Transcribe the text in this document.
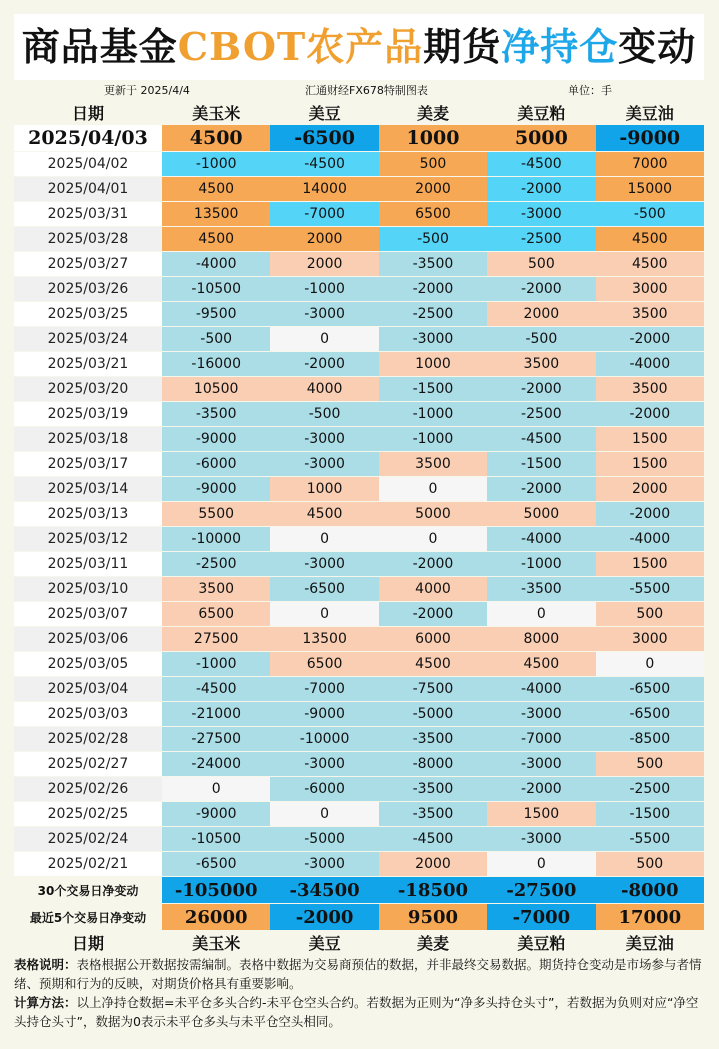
商品基金CBOT农产品期货净持仓变动
更新于 2025/4/4	汇通财经FX678特制图表	单位：手
日期	美玉米	美豆	美麦	美豆粕	美豆油
2025/04/03	4500	-6500	1000	5000	-9000
2025/04/02	-1000	-4500	500	-4500	7000
2025/04/01	4500	14000	2000	-2000	15000
2025/03/31	13500	-7000	6500	-3000	-500
2025/03/28	4500	2000	-500	-2500	4500
2025/03/27	-4000	2000	-3500	500	4500
2025/03/26	-10500	-1000	-2000	-2000	3000
2025/03/25	-9500	-3000	-2500	2000	3500
2025/03/24	-500	0	-3000	-500	-2000
2025/03/21	-16000	-2000	1000	3500	-4000
2025/03/20	10500	4000	-1500	-2000	3500
2025/03/19	-3500	-500	-1000	-2500	-2000
2025/03/18	-9000	-3000	-1000	-4500	1500
2025/03/17	-6000	-3000	3500	-1500	1500
2025/03/14	-9000	1000	0	-2000	2000
2025/03/13	5500	4500	5000	5000	-2000
2025/03/12	-10000	0	0	-4000	-4000
2025/03/11	-2500	-3000	-2000	-1000	1500
2025/03/10	3500	-6500	4000	-3500	-5500
2025/03/07	6500	0	-2000	0	500
2025/03/06	27500	13500	6000	8000	3000
2025/03/05	-1000	6500	4500	4500	0
2025/03/04	-4500	-7000	-7500	-4000	-6500
2025/03/03	-21000	-9000	-5000	-3000	-6500
2025/02/28	-27500	-10000	-3500	-7000	-8500
2025/02/27	-24000	-3000	-8000	-3000	500
2025/02/26	0	-6000	-3500	-2000	-2500
2025/02/25	-9000	0	-3500	1500	-1500
2025/02/24	-10500	-5000	-4500	-3000	-5500
2025/02/21	-6500	-3000	2000	0	500
30个交易日净变动	-105000	-34500	-18500	-27500	-8000
最近5个交易日净变动	26000	-2000	9500	-7000	17000
日期	美玉米	美豆	美麦	美豆粕	美豆油
表格说明：表格根据公开数据按需编制。表格中数据为交易商预估的数据，并非最终交易数据。期货持仓变动是市场参与者情绪、预期和行为的反映，对期货价格具有重要影响。
计算方法：以上净持仓数据=未平仓多头合约-未平仓空头合约。若数据为正则为“净多头持仓头寸”，若数据为负则对应“净空头持仓头寸”，数据为0表示未平仓多头与未平仓空头相同。
